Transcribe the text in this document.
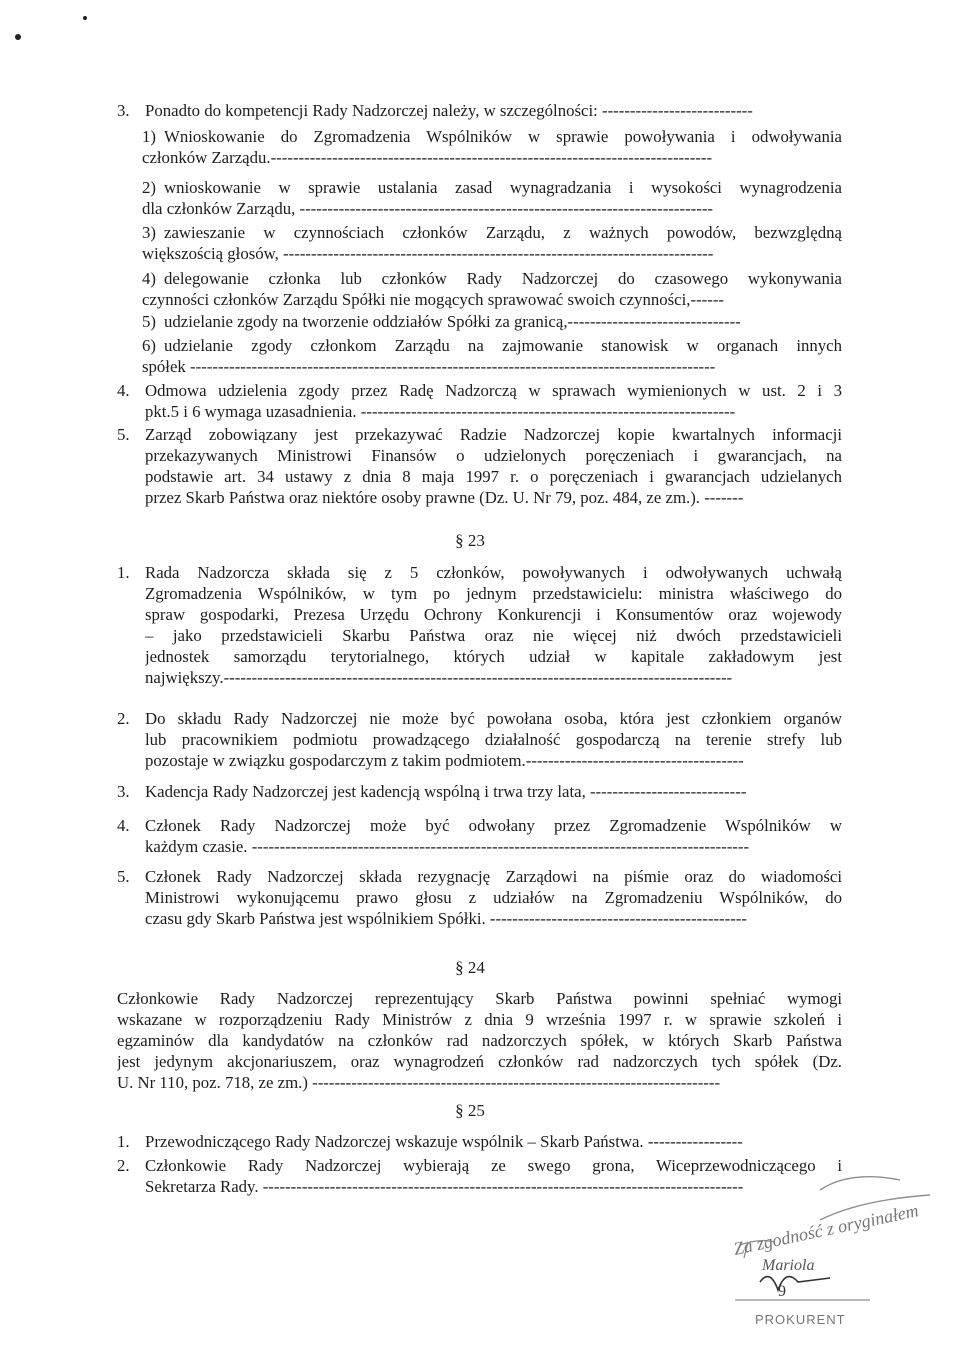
3. Ponadto do kompetencji Rady Nadzorczej należy, w szczególności: ---------------------------
1) Wnioskowanie do Zgromadzenia Wspólników w sprawie powoływania i odwoływania
członków Zarządu.-------------------------------------------------------------------------------
2) wnioskowanie w sprawie ustalania zasad wynagradzania i wysokości wynagrodzenia
dla członków Zarządu, --------------------------------------------------------------------------
3) zawieszanie w czynnościach członków Zarządu, z ważnych powodów, bezwzględną
większością głosów, -----------------------------------------------------------------------------
4) delegowanie członka lub członków Rady Nadzorczej do czasowego wykonywania
czynności członków Zarządu Spółki nie mogących sprawować swoich czynności,------
5) udzielanie zgody na tworzenie oddziałów Spółki za granicą,-------------------------------
6) udzielanie zgody członkom Zarządu na zajmowanie stanowisk w organach innych
spółek ----------------------------------------------------------------------------------------------
4. Odmowa udzielenia zgody przez Radę Nadzorczą w sprawach wymienionych w ust. 2 i 3
pkt.5 i 6 wymaga uzasadnienia. -------------------------------------------------------------------
5. Zarząd zobowiązany jest przekazywać Radzie Nadzorczej kopie kwartalnych informacji
przekazywanych Ministrowi Finansów o udzielonych poręczeniach i gwarancjach, na
podstawie art. 34 ustawy z dnia 8 maja 1997 r. o poręczeniach i gwarancjach udzielanych
przez Skarb Państwa oraz niektóre osoby prawne (Dz. U. Nr 79, poz. 484, ze zm.). -------
§ 23
1. Rada Nadzorcza składa się z 5 członków, powoływanych i odwoływanych uchwałą
Zgromadzenia Wspólników, w tym po jednym przedstawicielu: ministra właściwego do
spraw gospodarki, Prezesa Urzędu Ochrony Konkurencji i Konsumentów oraz wojewody
– jako przedstawicieli Skarbu Państwa oraz nie więcej niż dwóch przedstawicieli
jednostek samorządu terytorialnego, których udział w kapitale zakładowym jest
największy.-------------------------------------------------------------------------------------------
2. Do składu Rady Nadzorczej nie może być powołana osoba, która jest członkiem organów
lub pracownikiem podmiotu prowadzącego działalność gospodarczą na terenie strefy lub
pozostaje w związku gospodarczym z takim podmiotem.---------------------------------------
3. Kadencja Rady Nadzorczej jest kadencją wspólną i trwa trzy lata, ----------------------------
4. Członek Rady Nadzorczej może być odwołany przez Zgromadzenie Wspólników w
każdym czasie. -----------------------------------------------------------------------------------------
5. Członek Rady Nadzorczej składa rezygnację Zarządowi na piśmie oraz do wiadomości
Ministrowi wykonującemu prawo głosu z udziałów na Zgromadzeniu Wspólników, do
czasu gdy Skarb Państwa jest wspólnikiem Spółki. ----------------------------------------------
§ 24
Członkowie Rady Nadzorczej reprezentujący Skarb Państwa powinni spełniać wymogi
wskazane w rozporządzeniu Rady Ministrów z dnia 9 września 1997 r. w sprawie szkoleń i
egzaminów dla kandydatów na członków rad nadzorczych spółek, w których Skarb Państwa
jest jedynym akcjonariuszem, oraz wynagrodzeń członków rad nadzorczych tych spółek (Dz.
U. Nr 110, poz. 718, ze zm.) -------------------------------------------------------------------------
§ 25
1. Przewodniczącego Rady Nadzorczej wskazuje wspólnik – Skarb Państwa. -----------------
2. Członkowie Rady Nadzorczej wybierają ze swego grona, Wiceprzewodniczącego i
Sekretarza Rady. --------------------------------------------------------------------------------------
Za zgodność z oryginałem
Mariola
9
PROKURENT
